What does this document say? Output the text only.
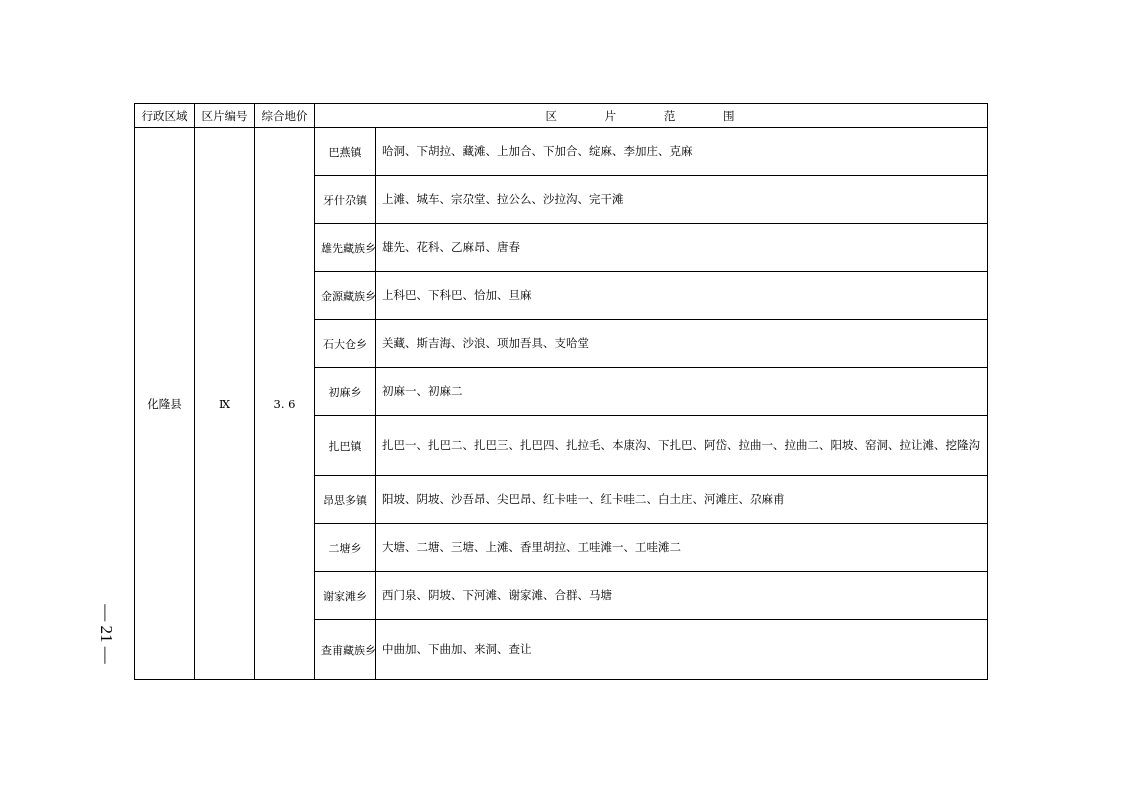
行政区域	区片编号	综合地价	区 片 范 围	
化隆县	Ⅸ	3. 6	巴燕镇	哈洞、下胡拉、藏滩、上加合、下加合、绽麻、李加庄、克麻
			牙什尕镇	上滩、城车、宗尕堂、拉公么、沙拉沟、完干滩
			雄先藏族乡	雄先、花科、乙麻昂、唐春
			金源藏族乡	上科巴、下科巴、恰加、旦麻
			石大仓乡	关藏、斯吉海、沙浪、项加吾具、支哈堂
			初麻乡	初麻一、初麻二
			扎巴镇	扎巴一、扎巴二、扎巴三、扎巴四、扎拉毛、本康沟、下扎巴、阿岱、拉曲一、拉曲二、阳坡、窑洞、拉让滩、挖隆沟
			昂思多镇	阳坡、阴坡、沙吾昂、尖巴昂、红卡哇一、红卡哇二、白土庄、河滩庄、尕麻甫
			二塘乡	大塘、二塘、三塘、上滩、香里胡拉、工哇滩一、工哇滩二
			谢家滩乡	西门泉、阴坡、下河滩、谢家滩、合群、马塘
			查甫藏族乡	中曲加、下曲加、来洞、查让
— 21 —
